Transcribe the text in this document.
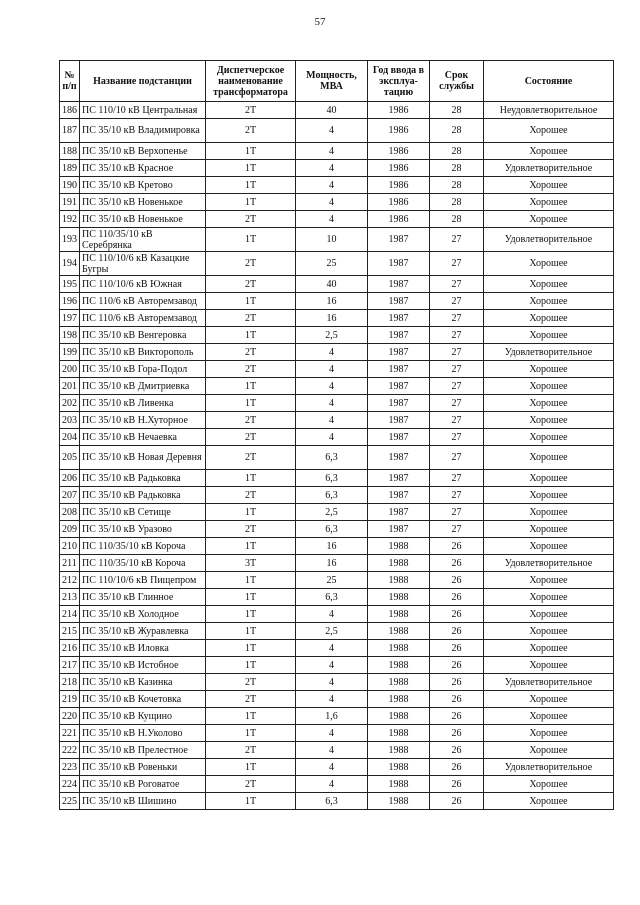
57
№ п/п	Название подстанции	Диспетчерское наименование трансформатора	Мощность, МВА	Год ввода в эксплуа-тацию	Срок службы	Состояние
186	ПС 110/10 кВ Центральная	2Т	40	1986	28	Неудовлетворительное
187	ПС 35/10 кВ Владимировка	2Т	4	1986	28	Хорошее
188	ПС 35/10 кВ Верхопенье	1Т	4	1986	28	Хорошее
189	ПС 35/10 кВ Красное	1Т	4	1986	28	Удовлетворительное
190	ПС 35/10 кВ Кретово	1Т	4	1986	28	Хорошее
191	ПС 35/10 кВ Новенькое	1Т	4	1986	28	Хорошее
192	ПС 35/10 кВ Новенькое	2Т	4	1986	28	Хорошее
193	ПС 110/35/10 кВ Серебрянка	1Т	10	1987	27	Удовлетворительное
194	ПС 110/10/6 кВ Казацкие Бугры	2Т	25	1987	27	Хорошее
195	ПС 110/10/6 кВ Южная	2Т	40	1987	27	Хорошее
196	ПС 110/6 кВ Авторемзавод	1Т	16	1987	27	Хорошее
197	ПС 110/6 кВ Авторемзавод	2Т	16	1987	27	Хорошее
198	ПС 35/10 кВ Венгеровка	1Т	2,5	1987	27	Хорошее
199	ПС 35/10 кВ Викторополь	2Т	4	1987	27	Удовлетворительное
200	ПС 35/10 кВ Гора-Подол	2Т	4	1987	27	Хорошее
201	ПС 35/10 кВ Дмитриевка	1Т	4	1987	27	Хорошее
202	ПС 35/10 кВ Ливенка	1Т	4	1987	27	Хорошее
203	ПС 35/10 кВ Н.Хуторное	2Т	4	1987	27	Хорошее
204	ПС 35/10 кВ Нечаевка	2Т	4	1987	27	Хорошее
205	ПС 35/10 кВ Новая Деревня	2Т	6,3	1987	27	Хорошее
206	ПС 35/10 кВ Радьковка	1Т	6,3	1987	27	Хорошее
207	ПС 35/10 кВ Радьковка	2Т	6,3	1987	27	Хорошее
208	ПС 35/10 кВ Сетище	1Т	2,5	1987	27	Хорошее
209	ПС 35/10 кВ Уразово	2Т	6,3	1987	27	Хорошее
210	ПС 110/35/10 кВ Короча	1Т	16	1988	26	Хорошее
211	ПС 110/35/10 кВ Короча	3Т	16	1988	26	Удовлетворительное
212	ПС 110/10/6 кВ Пищепром	1Т	25	1988	26	Хорошее
213	ПС 35/10 кВ Глинное	1Т	6,3	1988	26	Хорошее
214	ПС 35/10 кВ Холодное	1Т	4	1988	26	Хорошее
215	ПС 35/10 кВ Журавлевка	1Т	2,5	1988	26	Хорошее
216	ПС 35/10 кВ Иловка	1Т	4	1988	26	Хорошее
217	ПС 35/10 кВ Истобное	1Т	4	1988	26	Хорошее
218	ПС 35/10 кВ Казинка	2Т	4	1988	26	Удовлетворительное
219	ПС 35/10 кВ Кочетовка	2Т	4	1988	26	Хорошее
220	ПС 35/10 кВ Кущино	1Т	1,6	1988	26	Хорошее
221	ПС 35/10 кВ Н.Уколово	1Т	4	1988	26	Хорошее
222	ПС 35/10 кВ Прелестное	2Т	4	1988	26	Хорошее
223	ПС 35/10 кВ Ровеньки	1Т	4	1988	26	Удовлетворительное
224	ПС 35/10 кВ Роговатое	2Т	4	1988	26	Хорошее
225	ПС 35/10 кВ Шишино	1Т	6,3	1988	26	Хорошее
